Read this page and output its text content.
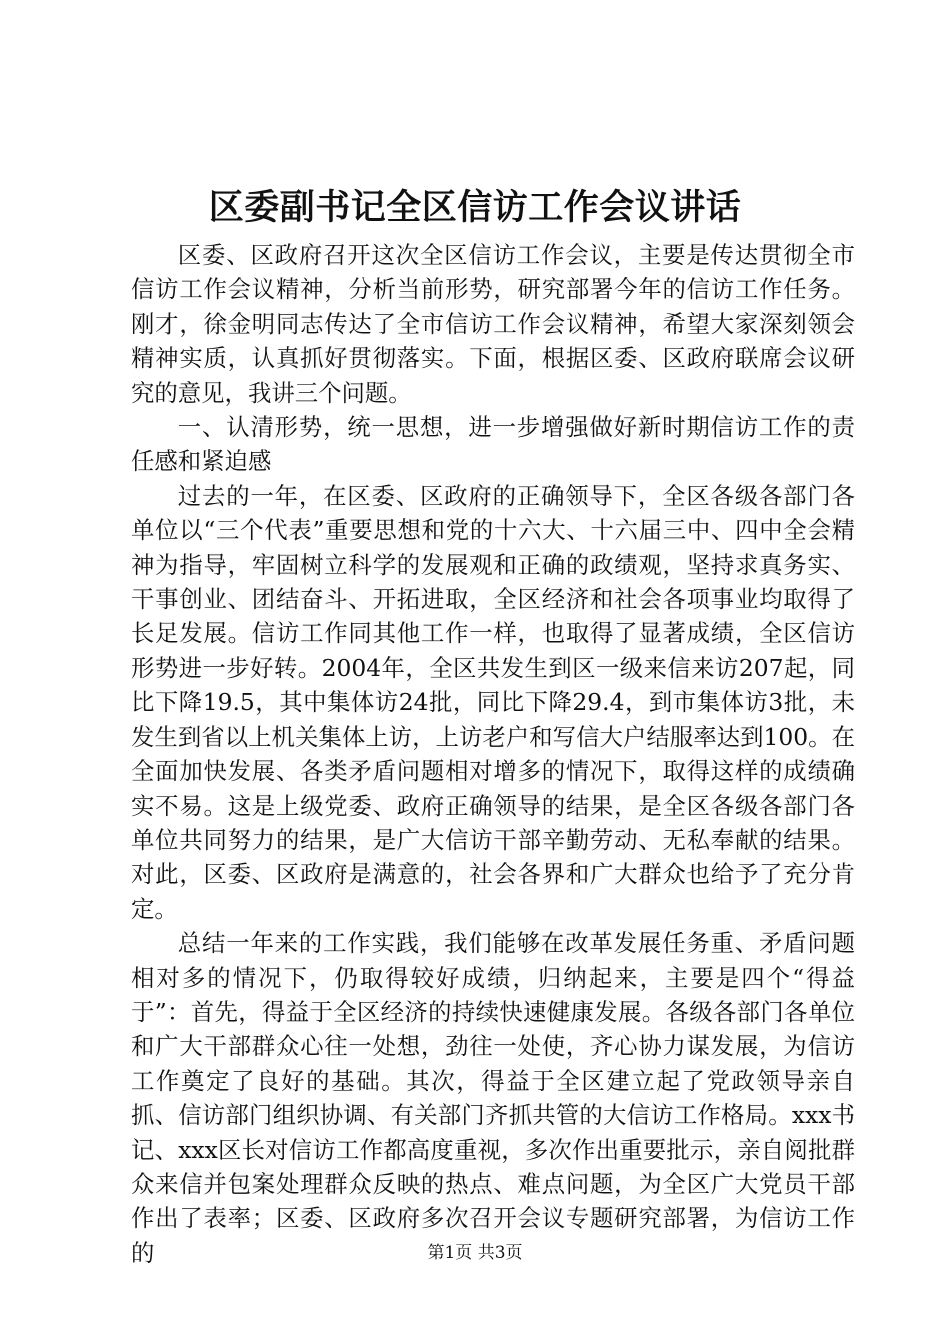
区委副书记全区信访工作会议讲话

区委、区政府召开这次全区信访工作会议，主要是传达贯彻全市信访工作会议精神，分析当前形势，研究部署今年的信访工作任务。刚才，徐金明同志传达了全市信访工作会议精神，希望大家深刻领会精神实质，认真抓好贯彻落实。下面，根据区委、区政府联席会议研究的意见，我讲三个问题。

一、认清形势，统一思想，进一步增强做好新时期信访工作的责任感和紧迫感

过去的一年，在区委、区政府的正确领导下，全区各级各部门各单位以“三个代表”重要思想和党的十六大、十六届三中、四中全会精神为指导，牢固树立科学的发展观和正确的政绩观，坚持求真务实、干事创业、团结奋斗、开拓进取，全区经济和社会各项事业均取得了长足发展。信访工作同其他工作一样，也取得了显著成绩，全区信访形势进一步好转。2004年，全区共发生到区一级来信来访207起，同比下降19.5，其中集体访24批，同比下降29.4，到市集体访3批，未发生到省以上机关集体上访，上访老户和写信大户结服率达到100。在全面加快发展、各类矛盾问题相对增多的情况下，取得这样的成绩确实不易。这是上级党委、政府正确领导的结果，是全区各级各部门各单位共同努力的结果，是广大信访干部辛勤劳动、无私奉献的结果。对此，区委、区政府是满意的，社会各界和广大群众也给予了充分肯定。

总结一年来的工作实践，我们能够在改革发展任务重、矛盾问题相对多的情况下，仍取得较好成绩，归纳起来，主要是四个“得益于”：首先，得益于全区经济的持续快速健康发展。各级各部门各单位和广大干部群众心往一处想，劲往一处使，齐心协力谋发展，为信访工作奠定了良好的基础。其次，得益于全区建立起了党政领导亲自抓、信访部门组织协调、有关部门齐抓共管的大信访工作格局。xxx书记、xxx区长对信访工作都高度重视，多次作出重要批示，亲自阅批群众来信并包案处理群众反映的热点、难点问题，为全区广大党员干部作出了表率；区委、区政府多次召开会议专题研究部署，为信访工作的	第1页 共3页
